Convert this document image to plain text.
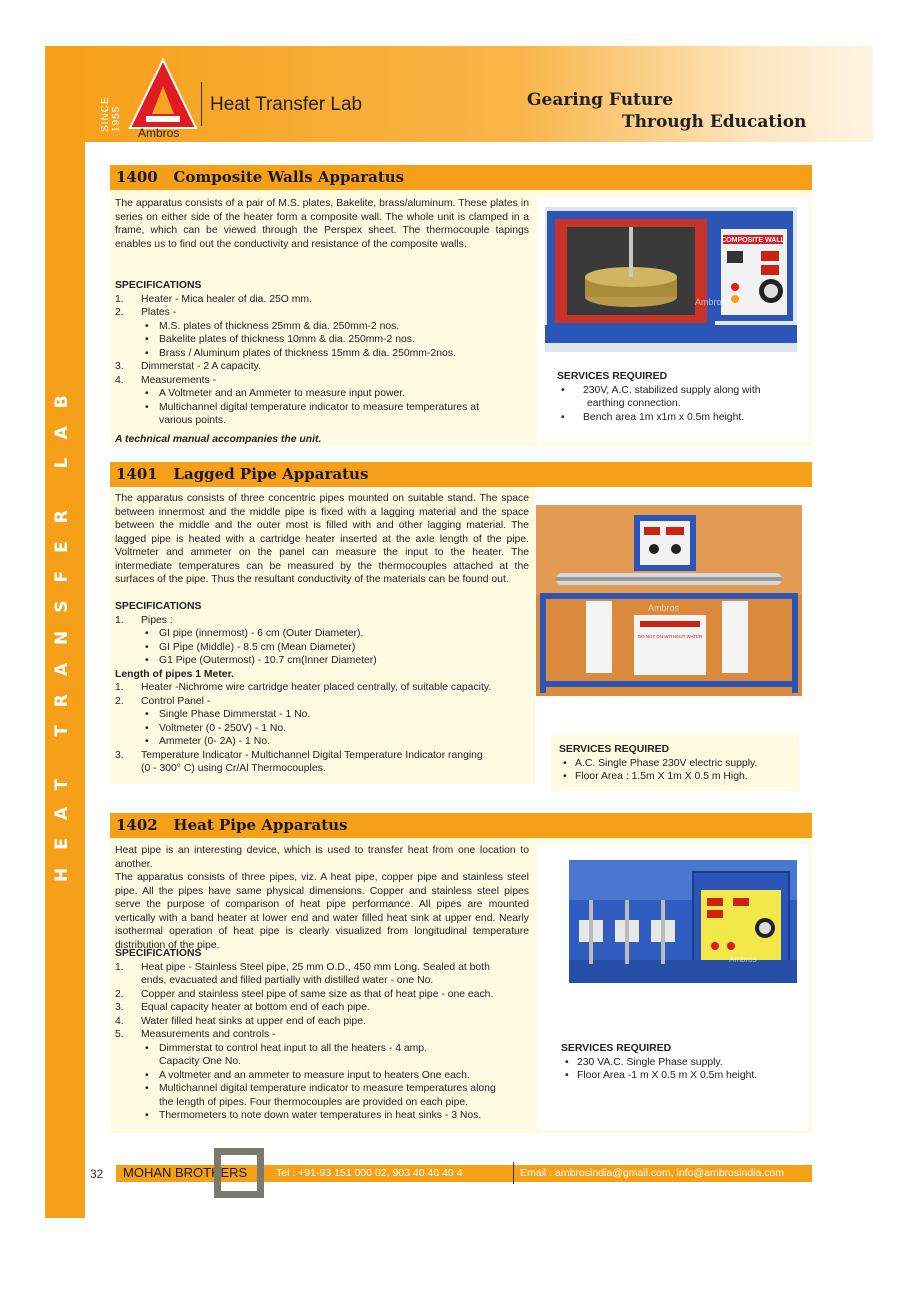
HEAT TRANSFER LAB
SINCE 1955
Ambros
Heat Transfer Lab	Gearing Future
Through Education
1400 Composite Walls Apparatus
The apparatus consists of a pair of M.S. plates, Bakelite, brass/aluminum. These plates in series on either side of the heater form a composite wall. The whole unit is clamped in a frame, which can be viewed through the Perspex sheet. The thermocouple tapings enables us to find out the conductivity and resistance of the composite walls.
SPECIFICATIONS
1. Heater - Mica healer of dia. 25O mm.
2. Plates -
• M.S. plates of thickness 25mm & dia. 250mm-2 nos.
• Bakelite plates of thickness 10mm & dia. 250mm-2 nos.
• Brass / Aluminum plates of thickness 15mm & dia. 250mm-2nos.
3. Dimmerstat - 2 A capacity.
4. Measurements -
• A Voltmeter and an Ammeter to measure input power.
• Multichannel digital temperature indicator to measure temperatures at
various points.
A technical manual accompanies the unit.
COMPOSITE WALL
Ambros
SERVICES REQUIRED
• 230V, A.C. stabilized supply along with
earthing connection.
• Bench area 1m x1m x 0.5m height.
1401 Lagged Pipe Apparatus
The apparatus consists of three concentric pipes mounted on suitable stand. The space between innermost and the middle pipe is fixed with a lagging material and the space between the middle and the outer most is filled with and other lagging material. The lagged pipe is heated with a cartridge heater inserted at the axle length of the pipe. Voltmeter and ammeter on the panel can measure the input to the heater. The intermediate temperatures can be measured by the thermocouples attached at the surfaces of the pipe. Thus the resultant conductivity of the materials can be found out.
SPECIFICATIONS
1. Pipes :
• GI pipe (innermost) - 6 cm (Outer Diameter).
• GI Pipe (Middle) - 8.5 cm (Mean Diameter)
• G1 Pipe (Outermost) - 10.7 cm(Inner Diameter)
Length of pipes 1 Meter.
1. Heater -Nichrome wire cartridge heater placed centrally, of suitable capacity.
2. Control Panel -
• Single Phase Dimmerstat - 1 No.
• Voltmeter (0 - 250V) - 1 No.
• Ammeter (0- 2A) - 1 No.
3. Temperature Indicator - Multichannel Digital Temperature Indicator ranging
(0 - 300° C) using Cr/Al Thermocouples.
DO NOT ON WITHOUT WATER
Ambros
SERVICES REQUIRED
• A.C. Single Phase 230V electric supply.
• Floor Area : 1.5m X 1m X 0.5 m High.
1402 Heat Pipe Apparatus
Heat pipe is an interesting device, which is used to transfer heat from one location to another.
The apparatus consists of three pipes, viz. A heat pipe, copper pipe and stainless steel pipe. All the pipes have same physical dimensions. Copper and stainless steel pipes serve the purpose of comparison of heat pipe performance. All pipes are mounted vertically with a band heater at lower end and water filled heat sink at upper end. Nearly isothermal operation of heat pipe is clearly visualized from longitudinal temperature distribution of the pipe.
SPECIFICATIONS
1. Heat pipe - Stainless Steel pipe, 25 mm O.D., 450 mm Long. Sealed at both
ends, evacuated and filled partially with distilled water - one No.
2. Copper and stainless steel pipe of same size as that of heat pipe - one each.
3. Equal capacity heater at bottom end of each pipe.
4. Water filled heat sinks at upper end of each pipe.
5. Measurements and controls -
• Dimmerstat to control heat input to all the heaters - 4 amp.
Capacity One No.
• A voltmeter and an ammeter to measure input to heaters One each.
• Multichannel digital temperature indicator to measure temperatures along
the length of pipes. Four thermocouples are provided on each pipe.
• Thermometers to note down water temperatures in heat sinks - 3 Nos.
Ambros
SERVICES REQUIRED
• 230 VA.C. Single Phase supply.
• Floor Area -1 m X 0.5 m X 0.5m height.
32 MOHAN BROTHERS	Tel : +91-93 151 000 02, 903 40 40 40 4	Email : ambrosindia@gmail.com, info@ambrosindia.com
